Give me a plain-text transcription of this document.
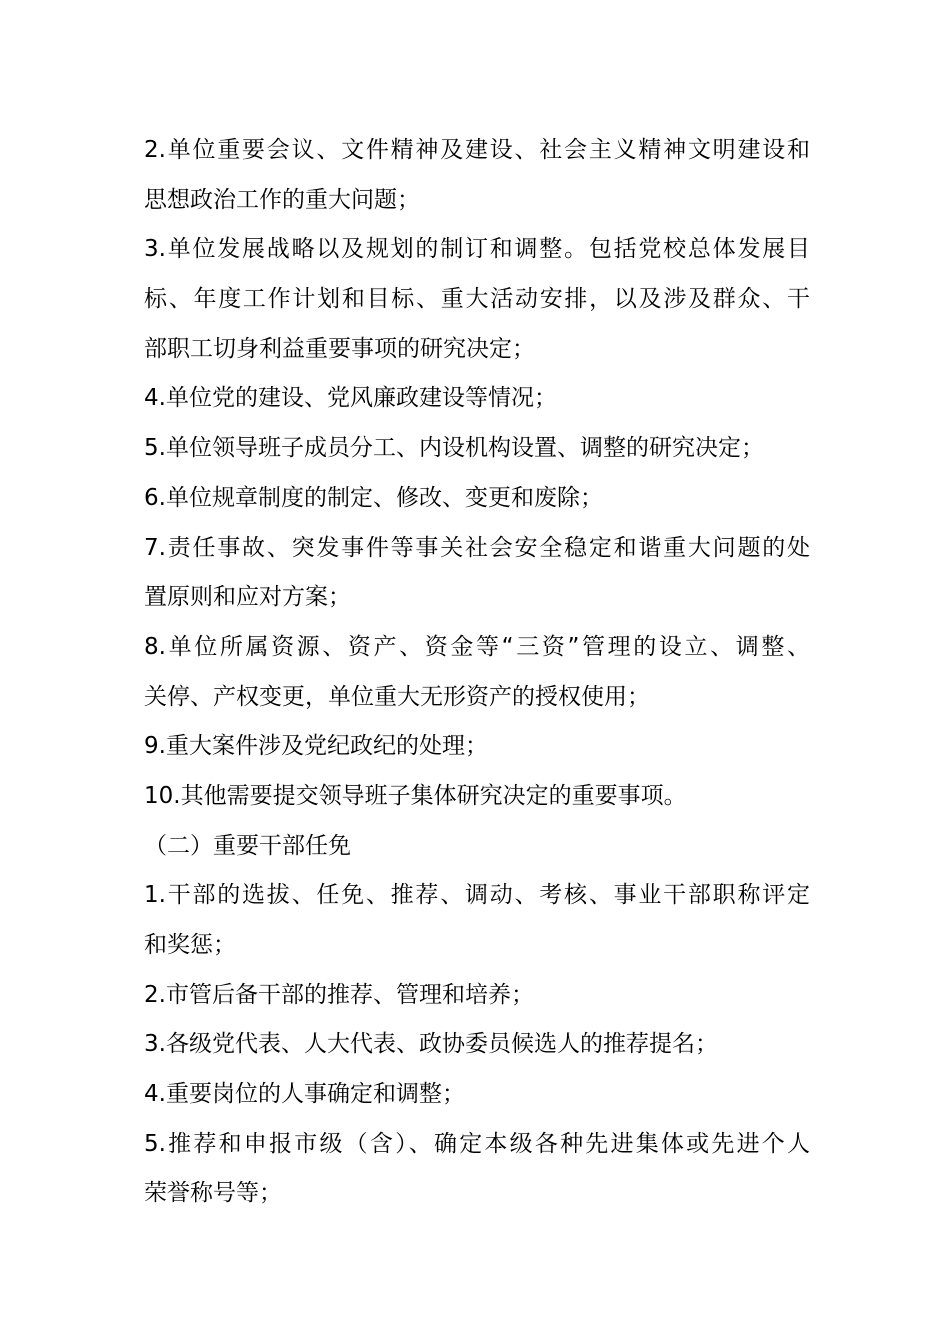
2.单位重要会议、文件精神及建设、社会主义精神文明建设和
思想政治工作的重大问题；
3.单位发展战略以及规划的制订和调整。包括党校总体发展目
标、年度工作计划和目标、重大活动安排，以及涉及群众、干
部职工切身利益重要事项的研究决定；
4.单位党的建设、党风廉政建设等情况；
5.单位领导班子成员分工、内设机构设置、调整的研究决定；
6.单位规章制度的制定、修改、变更和废除；
7.责任事故、突发事件等事关社会安全稳定和谐重大问题的处
置原则和应对方案；
8.单位所属资源、资产、资金等“三资”管理的设立、调整、
关停、产权变更，单位重大无形资产的授权使用；
9.重大案件涉及党纪政纪的处理；
10.其他需要提交领导班子集体研究决定的重要事项。
（二）重要干部任免
1.干部的选拔、任免、推荐、调动、考核、事业干部职称评定
和奖惩；
2.市管后备干部的推荐、管理和培养；
3.各级党代表、人大代表、政协委员候选人的推荐提名；
4.重要岗位的人事确定和调整；
5.推荐和申报市级（含）、确定本级各种先进集体或先进个人
荣誉称号等；
